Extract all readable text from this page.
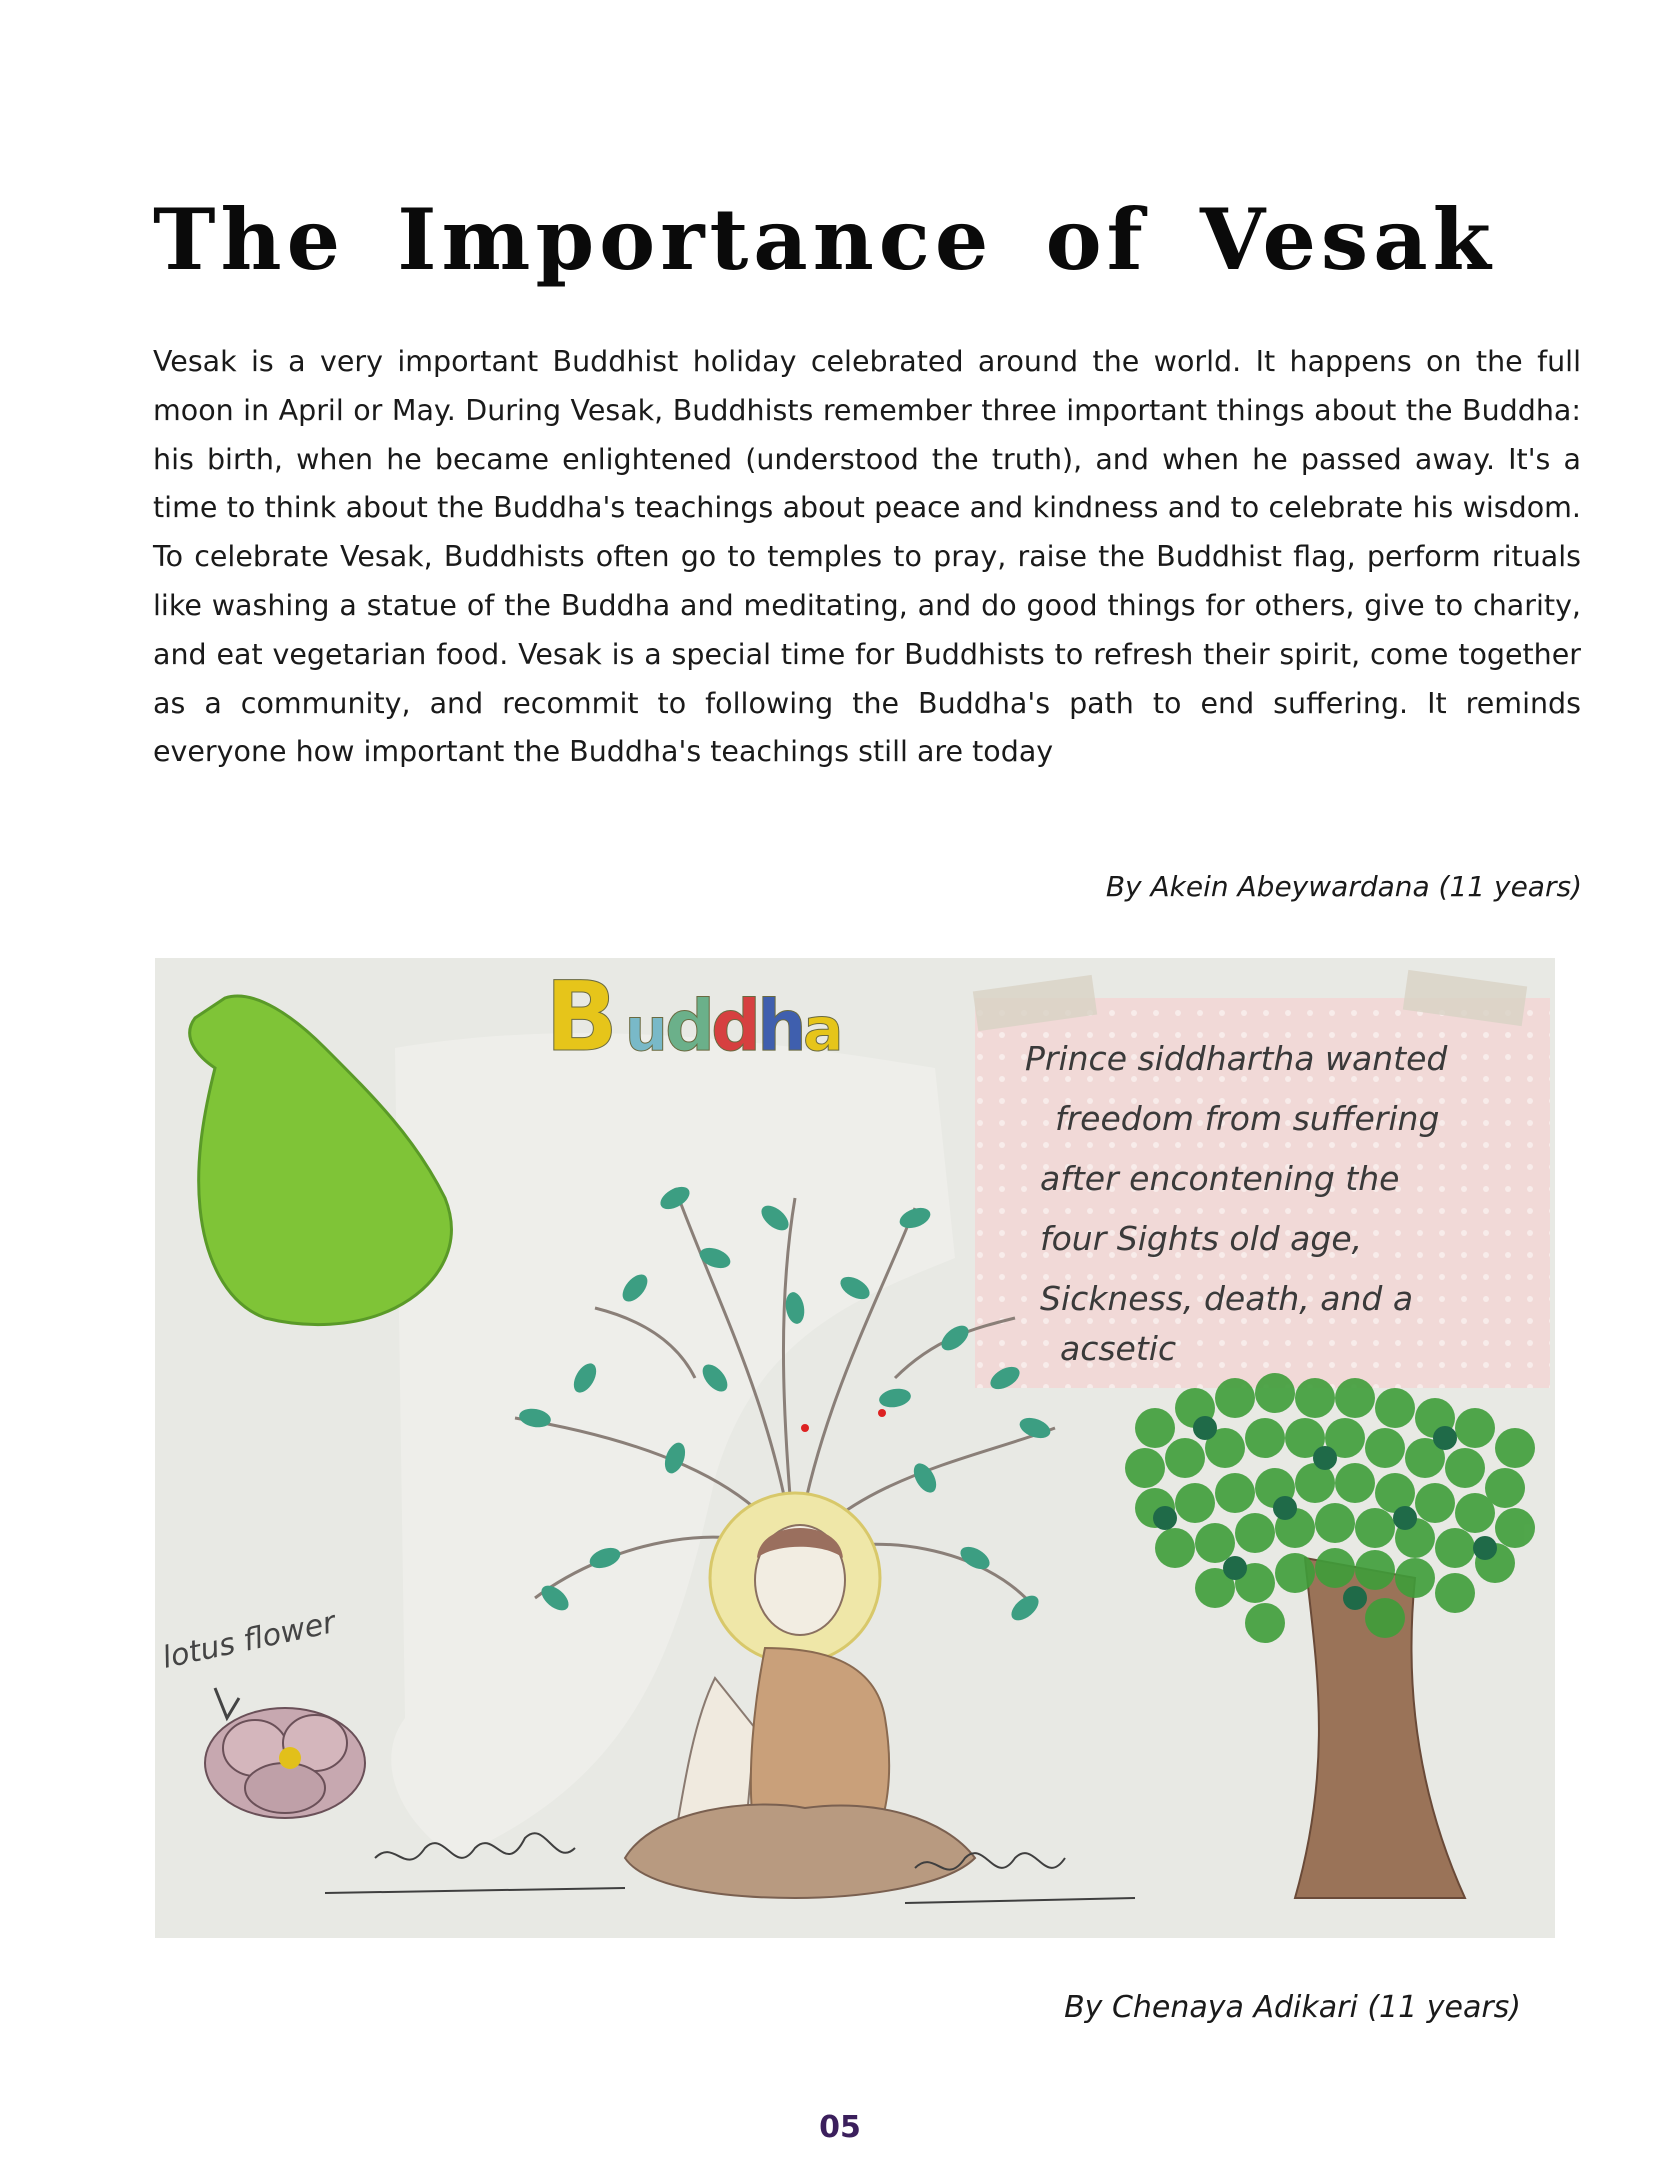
The Importance of Vesak

Vesak is a very important Buddhist holiday celebrated around the world. It happens on the full moon in April or May. During Vesak, Buddhists remember three important things about the Buddha: his birth, when he became enlightened (understood the truth), and when he passed away. It's a time to think about the Buddha's teachings about peace and kindness and to celebrate his wisdom. To celebrate Vesak, Buddhists often go to temples to pray, raise the Buddhist flag, perform rituals like washing a statue of the Buddha and meditating, and do good things for others, give to charity, and eat vegetarian food. Vesak is a special time for Buddhists to refresh their spirit, come together as a community, and recommit to following the Buddha's path to end suffering. It reminds everyone how important the Buddha's teachings still are today

By Akein Abeywardana (11 years)
B u
d
d
h
a	Prince siddhartha wanted
freedom from suffering
after encontening the
four Sights old age,
Sickness, death, and a
acsetic
lotus flower
By Chenaya Adikari (11 years)
05
